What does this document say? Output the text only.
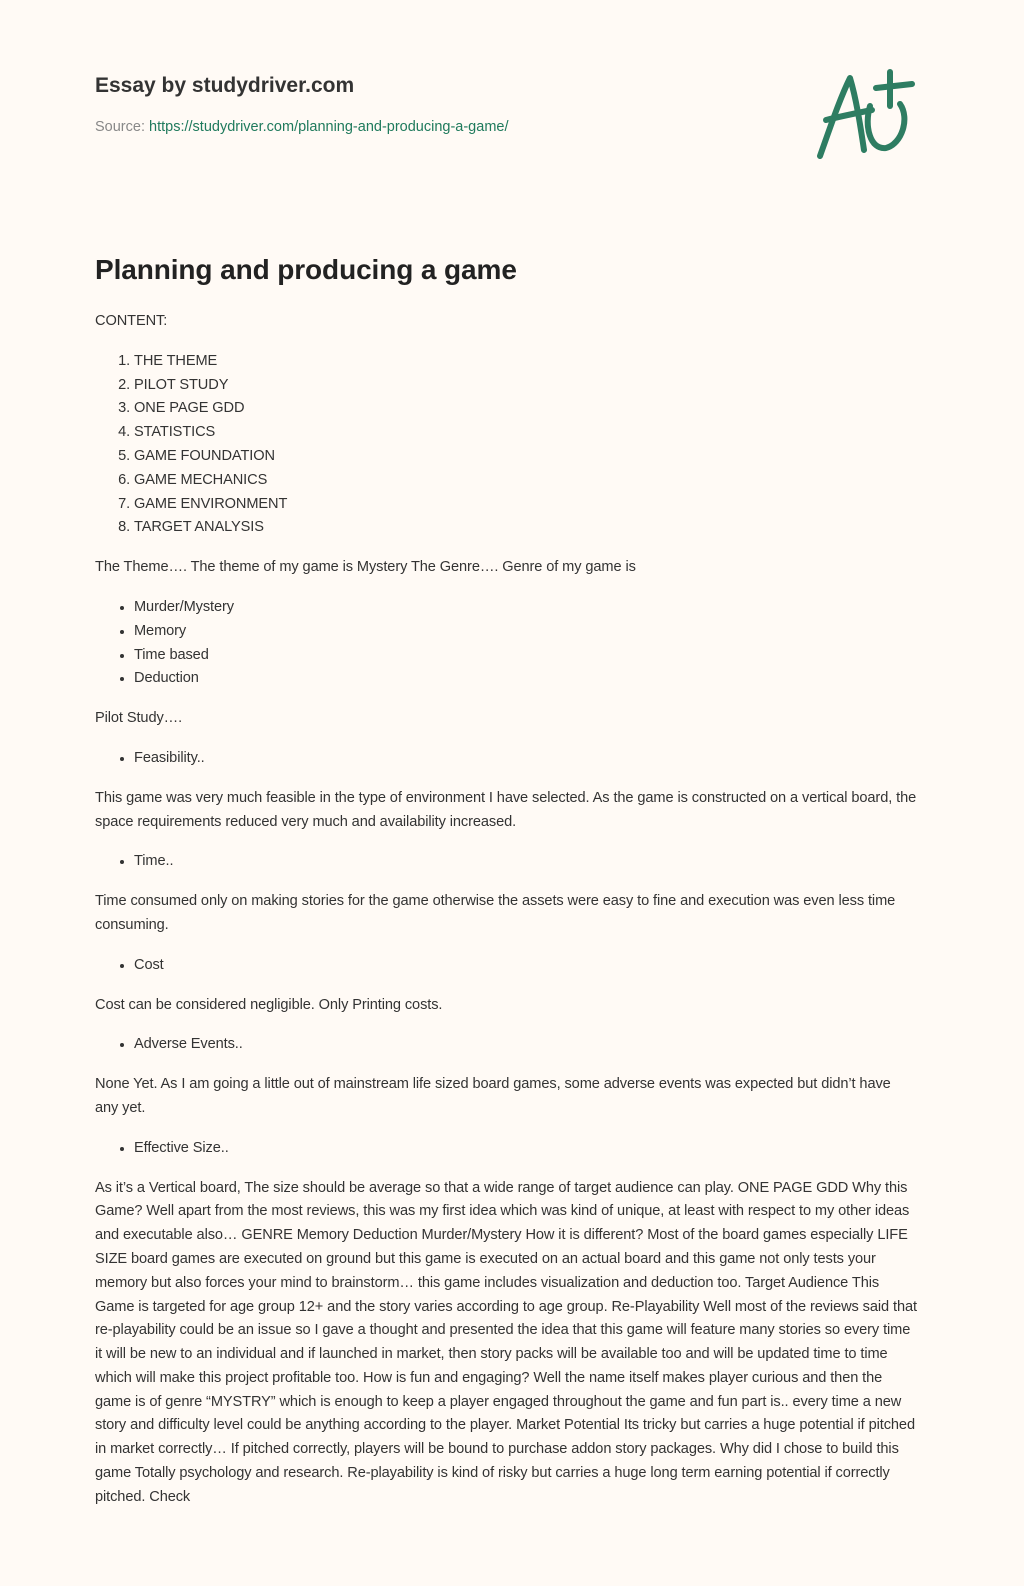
Essay by studydriver.com
Source: https://studydriver.com/planning-and-producing-a-game/
Planning and producing a game

CONTENT:

1. THE THEME
2. PILOT STUDY
3. ONE PAGE GDD
4. STATISTICS
5. GAME FOUNDATION
6. GAME MECHANICS
7. GAME ENVIRONMENT
8. TARGET ANALYSIS

The Theme…. The theme of my game is Mystery The Genre…. Genre of my game is

• Murder/Mystery
• Memory
• Time based
• Deduction

Pilot Study….

• Feasibility..

This game was very much feasible in the type of environment I have selected. As the game is constructed on a vertical board, the space requirements reduced very much and availability increased.

• Time..

Time consumed only on making stories for the game otherwise the assets were easy to fine and execution was even less time consuming.

• Cost

Cost can be considered negligible. Only Printing costs.

• Adverse Events..

None Yet. As I am going a little out of mainstream life sized board games, some adverse events was expected but didn’t have any yet.

• Effective Size..

As it’s a Vertical board, The size should be average so that a wide range of target audience can play. ONE PAGE GDD Why this Game? Well apart from the most reviews, this was my first idea which was kind of unique, at least with respect to my other ideas and executable also… GENRE Memory Deduction Murder/Mystery How it is different? Most of the board games especially LIFE SIZE board games are executed on ground but this game is executed on an actual board and this game not only tests your memory but also forces your mind to brainstorm… this game includes visualization and deduction too. Target Audience This Game is targeted for age group 12+ and the story varies according to age group. Re-Playability Well most of the reviews said that re-playability could be an issue so I gave a thought and presented the idea that this game will feature many stories so every time it will be new to an individual and if launched in market, then story packs will be available too and will be updated time to time which will make this project profitable too. How is fun and engaging? Well the name itself makes player curious and then the game is of genre “MYSTRY” which is enough to keep a player engaged throughout the game and fun part is.. every time a new story and difficulty level could be anything according to the player. Market Potential Its tricky but carries a huge potential if pitched in market correctly… If pitched correctly, players will be bound to purchase addon story packages. Why did I chose to build this game Totally psychology and research. Re-playability is kind of risky but carries a huge long term earning potential if correctly pitched. Check
